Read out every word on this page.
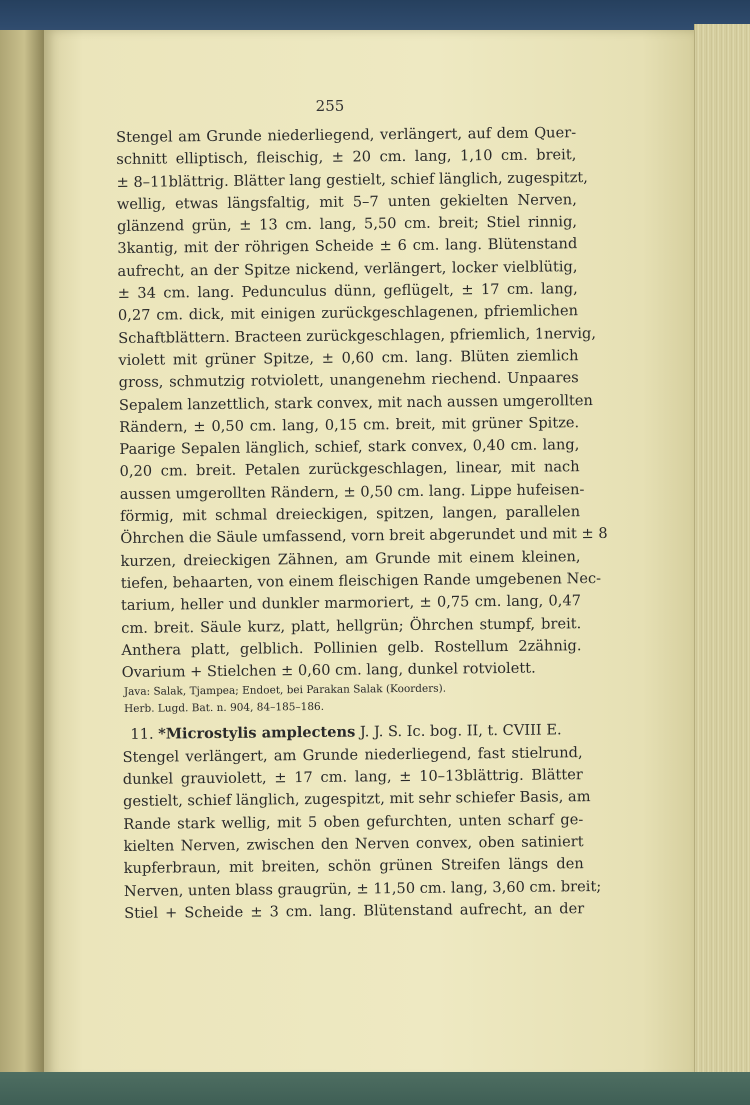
255
Stengel am Grunde niederliegend, verlängert, auf dem Quer-
schnitt elliptisch, fleischig, ± 20 cm. lang, 1,10 cm. breit,
± 8–11blättrig. Blätter lang gestielt, schief länglich, zugespitzt,
wellig, etwas längsfaltig, mit 5–7 unten gekielten Nerven,
glänzend grün, ± 13 cm. lang, 5,50 cm. breit; Stiel rinnig,
3kantig, mit der röhrigen Scheide ± 6 cm. lang. Blütenstand
aufrecht, an der Spitze nickend, verlängert, locker vielblütig,
± 34 cm. lang. Pedunculus dünn, geflügelt, ± 17 cm. lang,
0,27 cm. dick, mit einigen zurückgeschlagenen, pfriemlichen
Schaftblättern. Bracteen zurückgeschlagen, pfriemlich, 1nervig,
violett mit grüner Spitze, ± 0,60 cm. lang. Blüten ziemlich
gross, schmutzig rotviolett, unangenehm riechend. Unpaares
Sepalem lanzettlich, stark convex, mit nach aussen umgerollten
Rändern, ± 0,50 cm. lang, 0,15 cm. breit, mit grüner Spitze.
Paarige Sepalen länglich, schief, stark convex, 0,40 cm. lang,
0,20 cm. breit. Petalen zurückgeschlagen, linear, mit nach
aussen umgerollten Rändern, ± 0,50 cm. lang. Lippe hufeisen-
förmig, mit schmal dreieckigen, spitzen, langen, parallelen
Öhrchen die Säule umfassend, vorn breit abgerundet und mit ± 8
kurzen, dreieckigen Zähnen, am Grunde mit einem kleinen,
tiefen, behaarten, von einem fleischigen Rande umgebenen Nec-
tarium, heller und dunkler marmoriert, ± 0,75 cm. lang, 0,47
cm. breit. Säule kurz, platt, hellgrün; Öhrchen stumpf, breit.
Anthera platt, gelblich. Pollinien gelb. Rostellum 2zähnig.
Ovarium + Stielchen ± 0,60 cm. lang, dunkel rotviolett.
Java: Salak, Tjampea; Endoet, bei Parakan Salak (Koorders).
Herb. Lugd. Bat. n. 904, 84–185–186.
11. *Microstylis amplectens J. J. S. Ic. bog. II, t. CVIII E.
Stengel verlängert, am Grunde niederliegend, fast stielrund,
dunkel grauviolett, ± 17 cm. lang, ± 10–13blättrig. Blätter
gestielt, schief länglich, zugespitzt, mit sehr schiefer Basis, am
Rande stark wellig, mit 5 oben gefurchten, unten scharf ge-
kielten Nerven, zwischen den Nerven convex, oben satiniert
kupferbraun, mit breiten, schön grünen Streifen längs den
Nerven, unten blass graugrün, ± 11,50 cm. lang, 3,60 cm. breit;
Stiel + Scheide ± 3 cm. lang. Blütenstand aufrecht, an der
